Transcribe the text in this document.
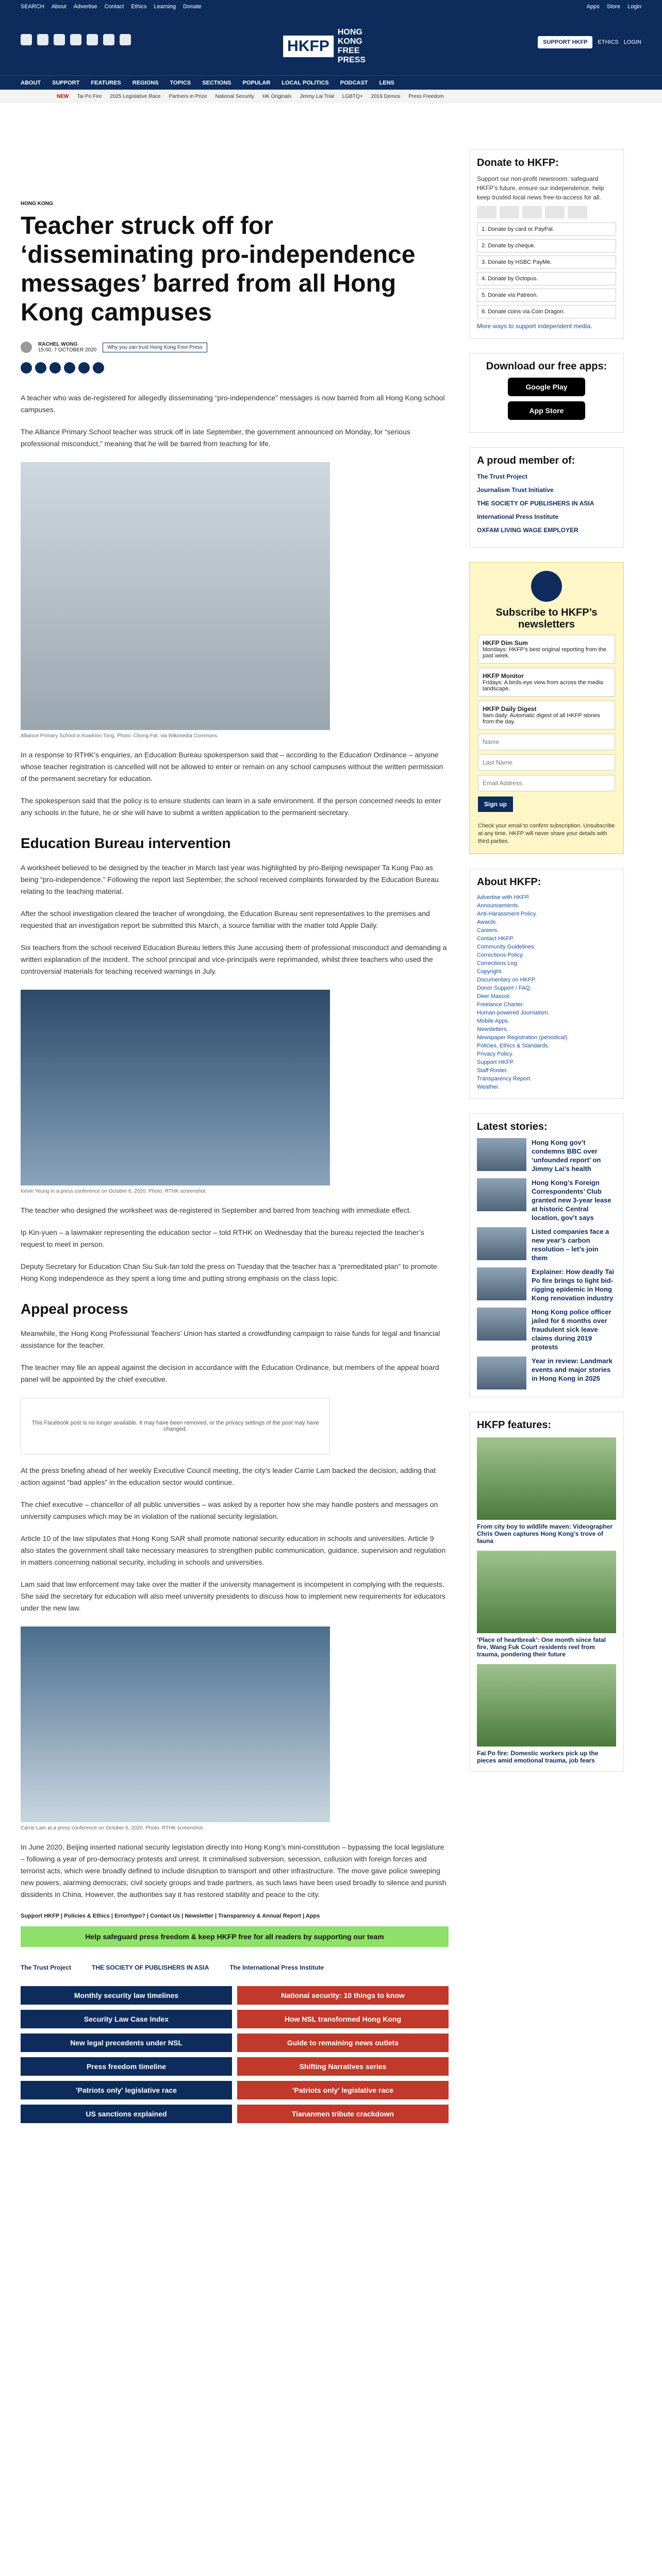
SEARCH About Advertise Contact Ethics Learning Donate	Apps Store Login
HKFP
HONG KONG FREE PRESS
SUPPORT HKFP	ETHICS LOGIN
ABOUT SUPPORT FEATURES REGIONS TOPICS SECTIONS POPULAR LOCAL POLITICS PODCAST LENS
NEW Tai Po Fire 2025 Legislative Race Partners in Prize National Security HK Originals Jimmy Lai Trial LGBTQ+ 2019 Demos Press Freedom
HONG KONG
Teacher struck off for ‘disseminating pro-independence messages’ barred from all Hong Kong campuses
RACHEL WONG
15:00, 7 OCTOBER 2020	Why you can trust Hong Kong Free Press

A teacher who was de-registered for allegedly disseminating “pro-independence” messages is now barred from all Hong Kong school campuses.

The Alliance Primary School teacher was struck off in late September, the government announced on Monday, for “serious professional misconduct,” meaning that he will be barred from teaching for life.

Alliance Primary School in Kowloon Tong. Photo: Chong Fat, via Wikimedia Commons.

In a response to RTHK’s enquiries, an Education Bureau spokesperson said that – according to the Education Ordinance – anyone whose teacher registration is cancelled will not be allowed to enter or remain on any school campuses without the written permission of the permanent secretary for education.

The spokesperson said that the policy is to ensure students can learn in a safe environment. If the person concerned needs to enter any schools in the future, he or she will have to submit a written application to the permanent secretary.

Education Bureau intervention

A worksheet believed to be designed by the teacher in March last year was highlighted by pro-Beijing newspaper Ta Kung Pao as being “pro-independence.” Following the report last September, the school received complaints forwarded by the Education Bureau relating to the teaching material.

After the school investigation cleared the teacher of wrongdoing, the Education Bureau sent representatives to the premises and requested that an investigation report be submitted this March, a source familiar with the matter told Apple Daily.

Six teachers from the school received Education Bureau letters this June accusing them of professional misconduct and demanding a written explanation of the incident. The school principal and vice-principals were reprimanded, whilst three teachers who used the controversial materials for teaching received warnings in July.

Kevin Yeung in a press conference on October 6, 2020. Photo: RTHK screenshot.

The teacher who designed the worksheet was de-registered in September and barred from teaching with immediate effect.

Ip Kin-yuen – a lawmaker representing the education sector – told RTHK on Wednesday that the bureau rejected the teacher’s request to meet in person.

Deputy Secretary for Education Chan Siu Suk-fan told the press on Tuesday that the teacher has a “premeditated plan” to promote Hong Kong independence as they spent a long time and putting strong emphasis on the class topic.

Appeal process

Meanwhile, the Hong Kong Professional Teachers’ Union has started a crowdfunding campaign to raise funds for legal and financial assistance for the teacher.

The teacher may file an appeal against the decision in accordance with the Education Ordinance, but members of the appeal board panel will be appointed by the chief executive.

This Facebook post is no longer available. It may have been removed, or the privacy settings of the post may have changed.

At the press briefing ahead of her weekly Executive Council meeting, the city’s leader Carrie Lam backed the decision, adding that action against “bad apples” in the education sector would continue.

The chief executive – chancellor of all public universities – was asked by a reporter how she may handle posters and messages on university campuses which may be in violation of the national security legislation.

Article 10 of the law stipulates that Hong Kong SAR shall promote national security education in schools and universities. Article 9 also states the government shall take necessary measures to strengthen public communication, guidance, supervision and regulation in matters concerning national security, including in schools and universities.

Lam said that law enforcement may take over the matter if the university management is incompetent in complying with the requests. She said the secretary for education will also meet university presidents to discuss how to implement new requirements for educators under the new law.

Carrie Lam at a press conference on October 6, 2020. Photo: RTHK screenshot.

In June 2020, Beijing inserted national security legislation directly into Hong Kong’s mini-constitution – bypassing the local legislature – following a year of pro-democracy protests and unrest. It criminalised subversion, secession, collusion with foreign forces and terrorist acts, which were broadly defined to include disruption to transport and other infrastructure. The move gave police sweeping new powers, alarming democrats, civil society groups and trade partners, as such laws have been used broadly to silence and punish dissidents in China. However, the authorities say it has restored stability and peace to the city.

Support HKFP | Policies & Ethics | Error/typo? | Contact Us | Newsletter | Transparency & Annual Report | Apps
Help safeguard press freedom & keep HKFP free for all readers by supporting our team
The Trust Project	THE SOCIETY OF PUBLISHERS IN ASIA	The International Press Institute
Monthly security law timelines	National security: 10 things to know
Security Law Case Index	How NSL transformed Hong Kong
New legal precedents under NSL	Guide to remaining news outlets
Press freedom timeline	Shifting Narratives series
'Patriots only' legislative race	'Patriots only' legislative race
US sanctions explained	Tiananmen tribute crackdown
Donate to HKFP:

Support our non-profit newsroom: safeguard HKFP’s future, ensure our independence, help keep trusted local news free-to-access for all.

1. Donate by card or PayPal.
2. Donate by cheque.
3. Donate by HSBC PayMe.
4. Donate by Octopus.
5. Donate via Patreon.
6. Donate coins via Coin Dragon.

More ways to support independent media.

Download our free apps:
Google Play
App Store
A proud member of:
The Trust Project
Journalism Trust Initiative
THE SOCIETY OF PUBLISHERS IN ASIA
International Press Institute
OXFAM LIVING WAGE EMPLOYER
Subscribe to HKFP’s newsletters
HKFP Dim Sum
Mondays: HKFP’s best original reporting from the past week.
HKFP Monitor
Fridays: A birds-eye view from across the media landscape.
HKFP Daily Digest
9am daily: Automatic digest of all HKFP stories from the day.
Name Last Name Email Address
Sign up

Check your email to confirm subscription. Unsubscribe at any time. HKFP will never share your details with third parties.

About HKFP:
Advertise with HKFP.
Announcements.
Anti-Harassment Policy.
Awards.
Careers.
Contact HKFP.
Community Guidelines.
Corrections Policy.
Corrections Log.
Copyright.
Documentary on HKFP.
Donor Support / FAQ.
Deer Mascot.
Freelance Charter.
Human-powered Journalism.
Mobile Apps.
Newsletters.
Newspaper Registration (periodical).
Policies, Ethics & Standards.
Privacy Policy.
Support HKFP.
Staff Roster.
Transparency Report.
Weather.
Latest stories:
Hong Kong gov’t condemns BBC over ‘unfounded report’ on Jimmy Lai’s health
Hong Kong’s Foreign Correspondents’ Club granted new 3-year lease at historic Central location, gov’t says
Listed companies face a new year’s carbon resolution – let’s join them
Explainer: How deadly Tai Po fire brings to light bid-rigging epidemic in Hong Kong renovation industry
Hong Kong police officer jailed for 6 months over fraudulent sick leave claims during 2019 protests
Year in review: Landmark events and major stories in Hong Kong in 2025
HKFP features:
From city boy to wildlife maven: Videographer Chris Owen captures Hong Kong’s trove of fauna
‘Place of heartbreak’: One month since fatal fire, Wang Fuk Court residents reel from trauma, pondering their future
Fai Po fire: Domestic workers pick up the pieces amid emotional trauma, job fears
